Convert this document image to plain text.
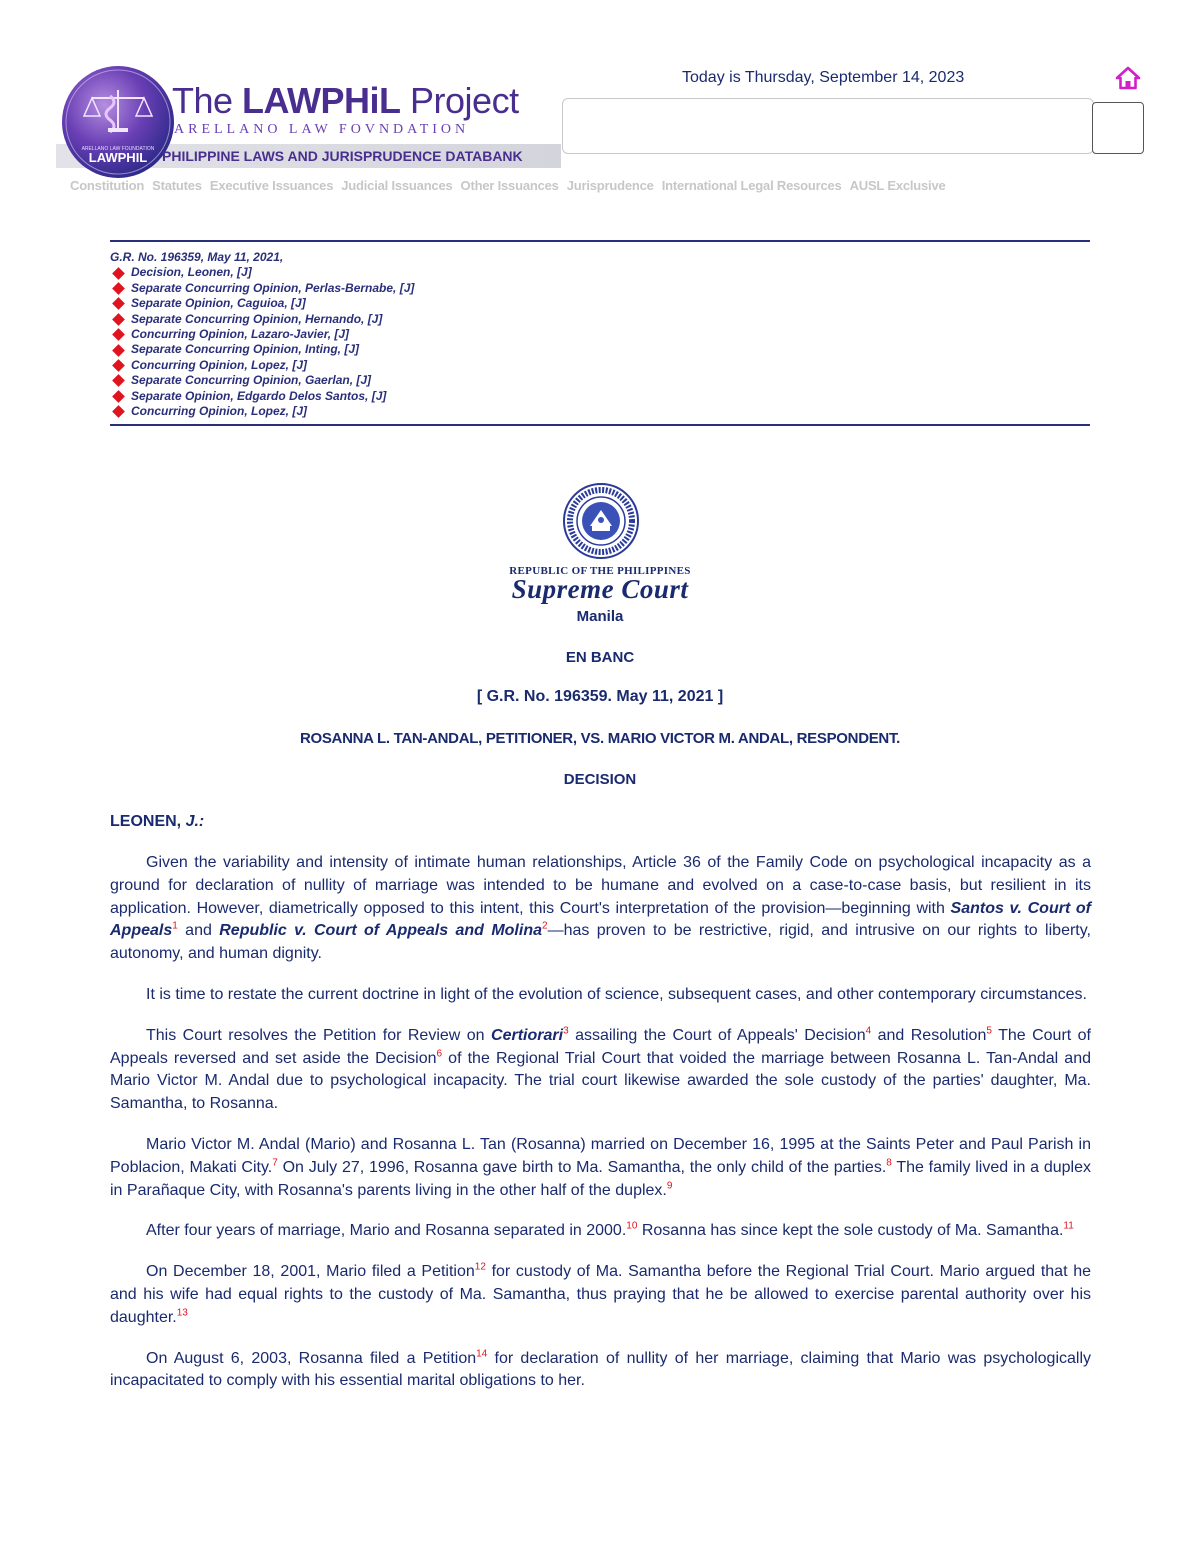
ARELLANO LAW FOUNDATION
LAWPHIL
The LAWPHiL Project
ARELLANO LAW FOVNDATION
PHILIPPINE LAWS AND JURISPRUDENCE DATABANK
Today is Thursday, September 14, 2023
Constitution Statutes Executive Issuances Judicial Issuances Other Issuances Jurisprudence International Legal Resources AUSL Exclusive
G.R. No. 196359, May 11, 2021,
Decision, Leonen, [J]
Separate Concurring Opinion, Perlas-Bernabe, [J]
Separate Opinion, Caguioa, [J]
Separate Concurring Opinion, Hernando, [J]
Concurring Opinion, Lazaro-Javier, [J]
Separate Concurring Opinion, Inting, [J]
Concurring Opinion, Lopez, [J]
Separate Concurring Opinion, Gaerlan, [J]
Separate Opinion, Edgardo Delos Santos, [J]
Concurring Opinion, Lopez, [J]
REPUBLIC OF THE PHILIPPINES
Supreme Court
Manila
EN BANC
[ G.R. No. 196359. May 11, 2021 ]
ROSANNA L. TAN-ANDAL, PETITIONER, VS. MARIO VICTOR M. ANDAL, RESPONDENT.
DECISION
LEONEN, J.:

Given the variability and intensity of intimate human relationships, Article 36 of the Family Code on psychological incapacity as a ground for declaration of nullity of marriage was intended to be humane and evolved on a case-to-case basis, but resilient in its application. However, diametrically opposed to this intent, this Court's interpretation of the provision—beginning with Santos v. Court of Appeals$^1$ and Republic v. Court of Appeals and Molina$^2$—has proven to be restrictive, rigid, and intrusive on our rights to liberty, autonomy, and human dignity.

It is time to restate the current doctrine in light of the evolution of science, subsequent cases, and other contemporary circumstances.

This Court resolves the Petition for Review on Certiorari$^3$ assailing the Court of Appeals' Decision$^4$ and Resolution$^5$ The Court of Appeals reversed and set aside the Decision$^6$ of the Regional Trial Court that voided the marriage between Rosanna L. Tan-Andal and Mario Victor M. Andal due to psychological incapacity. The trial court likewise awarded the sole custody of the parties' daughter, Ma. Samantha, to Rosanna.

Mario Victor M. Andal (Mario) and Rosanna L. Tan (Rosanna) married on December 16, 1995 at the Saints Peter and Paul Parish in Poblacion, Makati City.$^7$ On July 27, 1996, Rosanna gave birth to Ma. Samantha, the only child of the parties.$^8$ The family lived in a duplex in Parañaque City, with Rosanna's parents living in the other half of the duplex.$^9$

After four years of marriage, Mario and Rosanna separated in 2000.10 Rosanna has since kept the sole custody of Ma. Samantha.$^{11}$

On December 18, 2001, Mario filed a Petition$^{12}$ for custody of Ma. Samantha before the Regional Trial Court. Mario argued that he and his wife had equal rights to the custody of Ma. Samantha, thus praying that he be allowed to exercise parental authority over his daughter.$^{13}$

On August 6, 2003, Rosanna filed a Petition$^{14}$ for declaration of nullity of her marriage, claiming that Mario was psychologically incapacitated to comply with his essential marital obligations to her.
